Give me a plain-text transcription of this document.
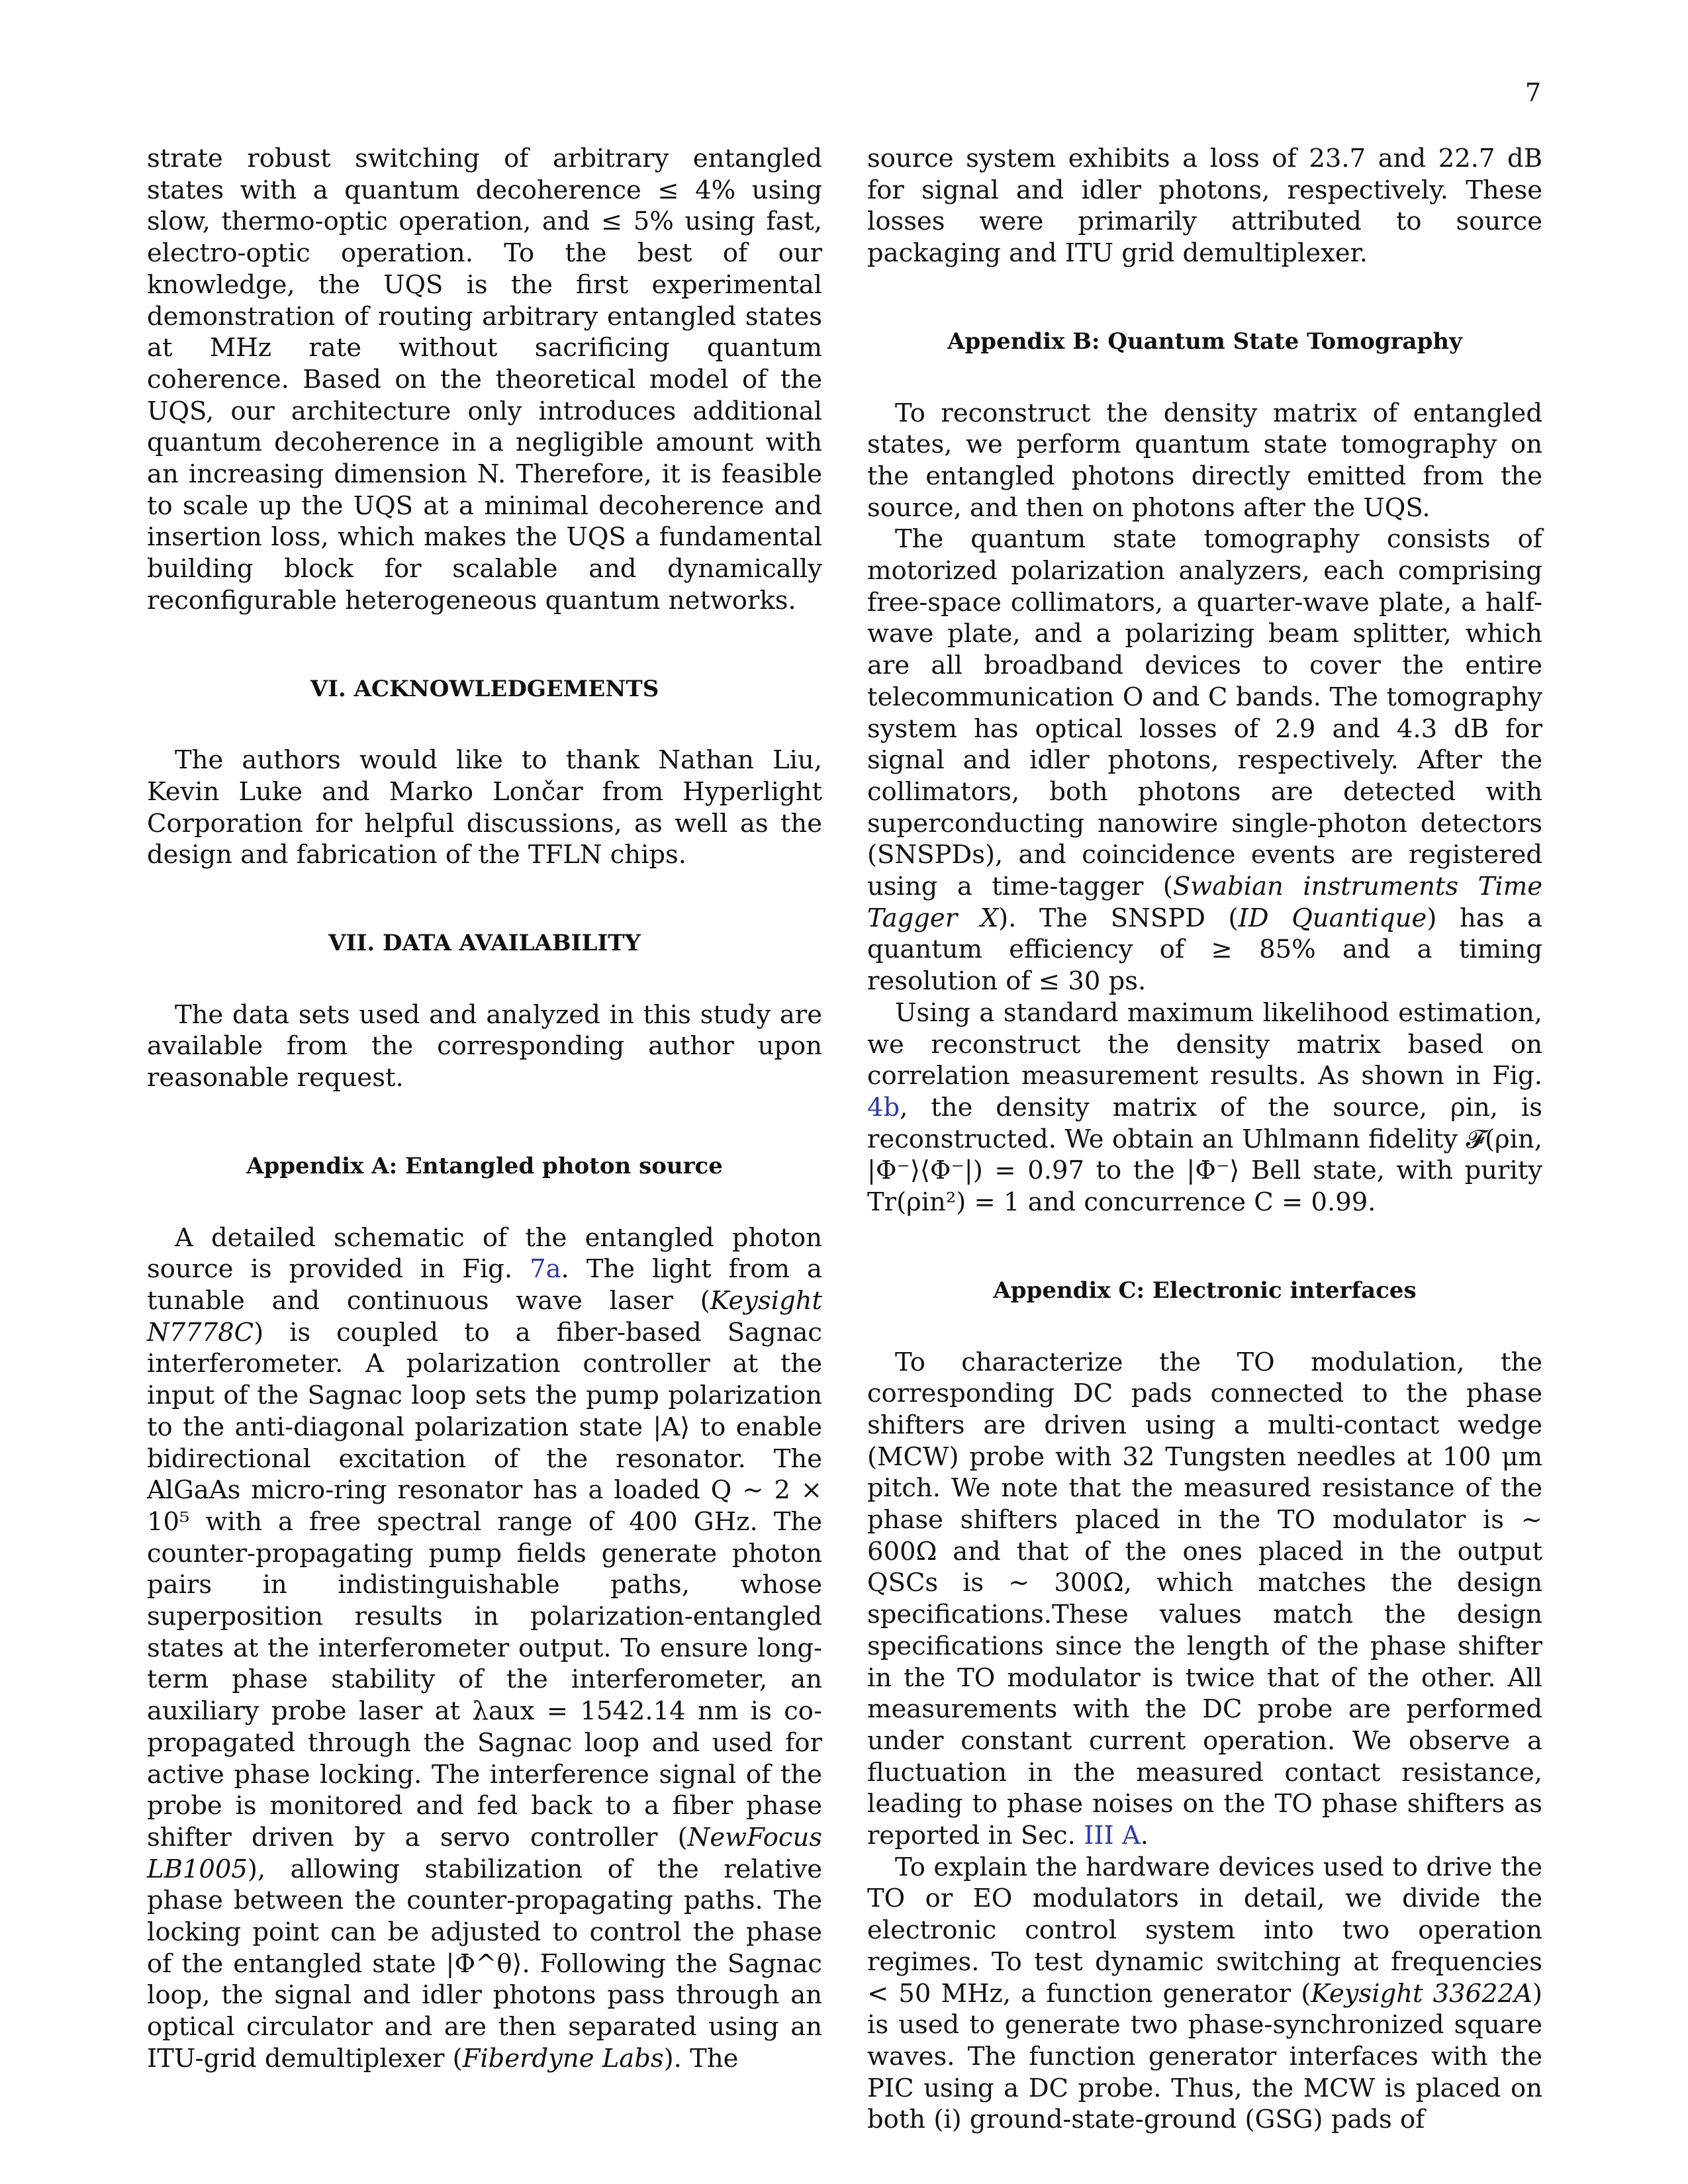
7

strate robust switching of arbitrary entangled states with a quantum decoherence ≤ 4% using slow, thermo-optic operation, and ≤ 5% using fast, electro-optic operation. To the best of our knowledge, the UQS is the first experimental demonstration of routing arbitrary entangled states at MHz rate without sacrificing quantum coherence. Based on the theoretical model of the UQS, our architecture only introduces additional quantum decoherence in a negligible amount with an increasing dimension N. Therefore, it is feasible to scale up the UQS at a minimal decoherence and insertion loss, which makes the UQS a fundamental building block for scalable and dynamically reconfigurable heterogeneous quantum networks.

VI. ACKNOWLEDGEMENTS

The authors would like to thank Nathan Liu, Kevin Luke and Marko Lončar from Hyperlight Corporation for helpful discussions, as well as the design and fabrication of the TFLN chips.

VII. DATA AVAILABILITY

The data sets used and analyzed in this study are available from the corresponding author upon reasonable request.

Appendix A: Entangled photon source

A detailed schematic of the entangled photon source is provided in Fig. 7a. The light from a tunable and continuous wave laser (Keysight N7778C) is coupled to a fiber-based Sagnac interferometer. A polarization controller at the input of the Sagnac loop sets the pump polarization to the anti-diagonal polarization state |A⟩ to enable bidirectional excitation of the resonator. The AlGaAs micro-ring resonator has a loaded Q ∼ 2 × 10⁵ with a free spectral range of 400 GHz. The counter-propagating pump fields generate photon pairs in indistinguishable paths, whose superposition results in polarization-entangled states at the interferometer output. To ensure long-term phase stability of the interferometer, an auxiliary probe laser at λaux = 1542.14 nm is co-propagated through the Sagnac loop and used for active phase locking. The interference signal of the probe is monitored and fed back to a fiber phase shifter driven by a servo controller (NewFocus LB1005), allowing stabilization of the relative phase between the counter-propagating paths. The locking point can be adjusted to control the phase of the entangled state |Φ^θ⟩. Following the Sagnac loop, the signal and idler photons pass through an optical circulator and are then separated using an ITU-grid demultiplexer (Fiberdyne Labs). The

source system exhibits a loss of 23.7 and 22.7 dB for signal and idler photons, respectively. These losses were primarily attributed to source packaging and ITU grid demultiplexer.

Appendix B: Quantum State Tomography

To reconstruct the density matrix of entangled states, we perform quantum state tomography on the entangled photons directly emitted from the source, and then on photons after the UQS.

The quantum state tomography consists of motorized polarization analyzers, each comprising free-space collimators, a quarter-wave plate, a half-wave plate, and a polarizing beam splitter, which are all broadband devices to cover the entire telecommunication O and C bands. The tomography system has optical losses of 2.9 and 4.3 dB for signal and idler photons, respectively. After the collimators, both photons are detected with superconducting nanowire single-photon detectors (SNSPDs), and coincidence events are registered using a time-tagger (Swabian instruments Time Tagger X). The SNSPD (ID Quantique) has a quantum efficiency of ≥ 85% and a timing resolution of ≤ 30 ps.

Using a standard maximum likelihood estimation, we reconstruct the density matrix based on correlation measurement results. As shown in Fig. 4b, the density matrix of the source, ρin, is reconstructed. We obtain an Uhlmann fidelity 𝓕(ρin, |Φ⁻⟩⟨Φ⁻|) = 0.97 to the |Φ⁻⟩ Bell state, with purity Tr(ρin²) = 1 and concurrence C = 0.99.

Appendix C: Electronic interfaces

To characterize the TO modulation, the corresponding DC pads connected to the phase shifters are driven using a multi-contact wedge (MCW) probe with 32 Tungsten needles at 100 μm pitch. We note that the measured resistance of the phase shifters placed in the TO modulator is ∼ 600Ω and that of the ones placed in the output QSCs is ∼ 300Ω, which matches the design specifications.These values match the design specifications since the length of the phase shifter in the TO modulator is twice that of the other. All measurements with the DC probe are performed under constant current operation. We observe a fluctuation in the measured contact resistance, leading to phase noises on the TO phase shifters as reported in Sec. III A.

To explain the hardware devices used to drive the TO or EO modulators in detail, we divide the electronic control system into two operation regimes. To test dynamic switching at frequencies < 50 MHz, a function generator (Keysight 33622A) is used to generate two phase-synchronized square waves. The function generator interfaces with the PIC using a DC probe. Thus, the MCW is placed on both (i) ground-state-ground (GSG) pads of
